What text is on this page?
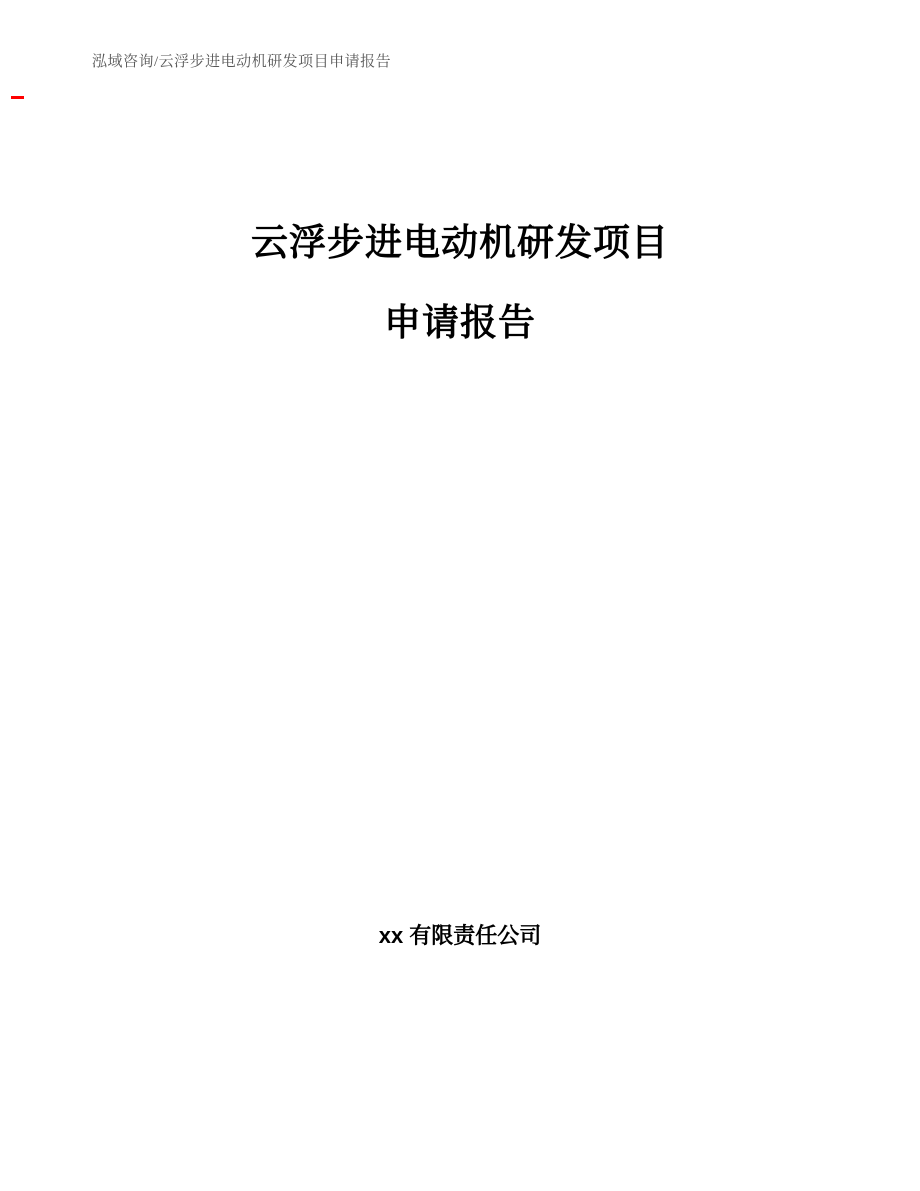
泓域咨询/云浮步进电动机研发项目申请报告
云浮步进电动机研发项目
申请报告
xx 有限责任公司
